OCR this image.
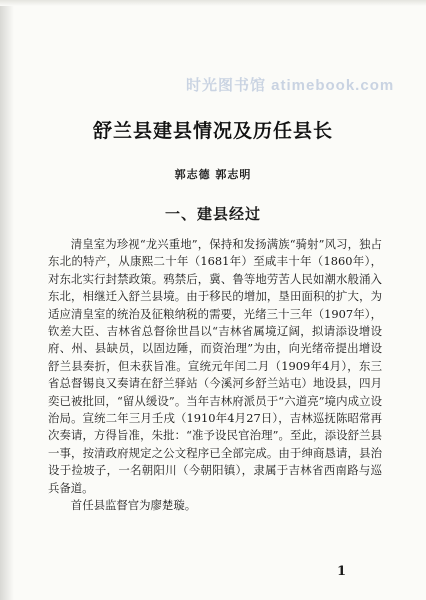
时光图书馆 atimebook.com
舒兰县建县情况及历任县长
郭志德 郭志明
一、建县经过

清皇室为珍视“龙兴重地”，保持和发扬满族“骑射”风习，独占东北的特产，从康熙二十年（1681年）至咸丰十年（1860年），对东北实行封禁政策。鸦禁后，冀、鲁等地劳苦人民如潮水般涌入东北，相继迁入舒兰县境。由于移民的增加，垦田面积的扩大，为适应清皇室的统治及征粮纳税的需要，光绪三十三年（1907年），钦差大臣、吉林省总督徐世昌以“吉林省属境辽阔，拟请添设增设府、州、县缺员，以固边陲，而资治理”为由，向光绪帝提出增设舒兰县奏折，但未获旨准。宣统元年闰二月（1909年4月），东三省总督锡良又奏请在舒兰驿站（今溪河乡舒兰站屯）地设县，四月奕已被批回，“留从缓设”。当年吉林府派员于“六道亮”境内成立设治局。宣统二年三月壬戌（1910年4月27日），吉林巡抚陈昭常再次奏请，方得旨准，朱批：“准予设民官治理”。至此，添设舒兰县一事，按清政府规定之公文程序已全部完成。由于绅商恳请，县治设于捡坡子，一名朝阳川（今朝阳镇），隶属于吉林省西南路与巡兵备道。

首任县监督官为廖楚璇。

1
